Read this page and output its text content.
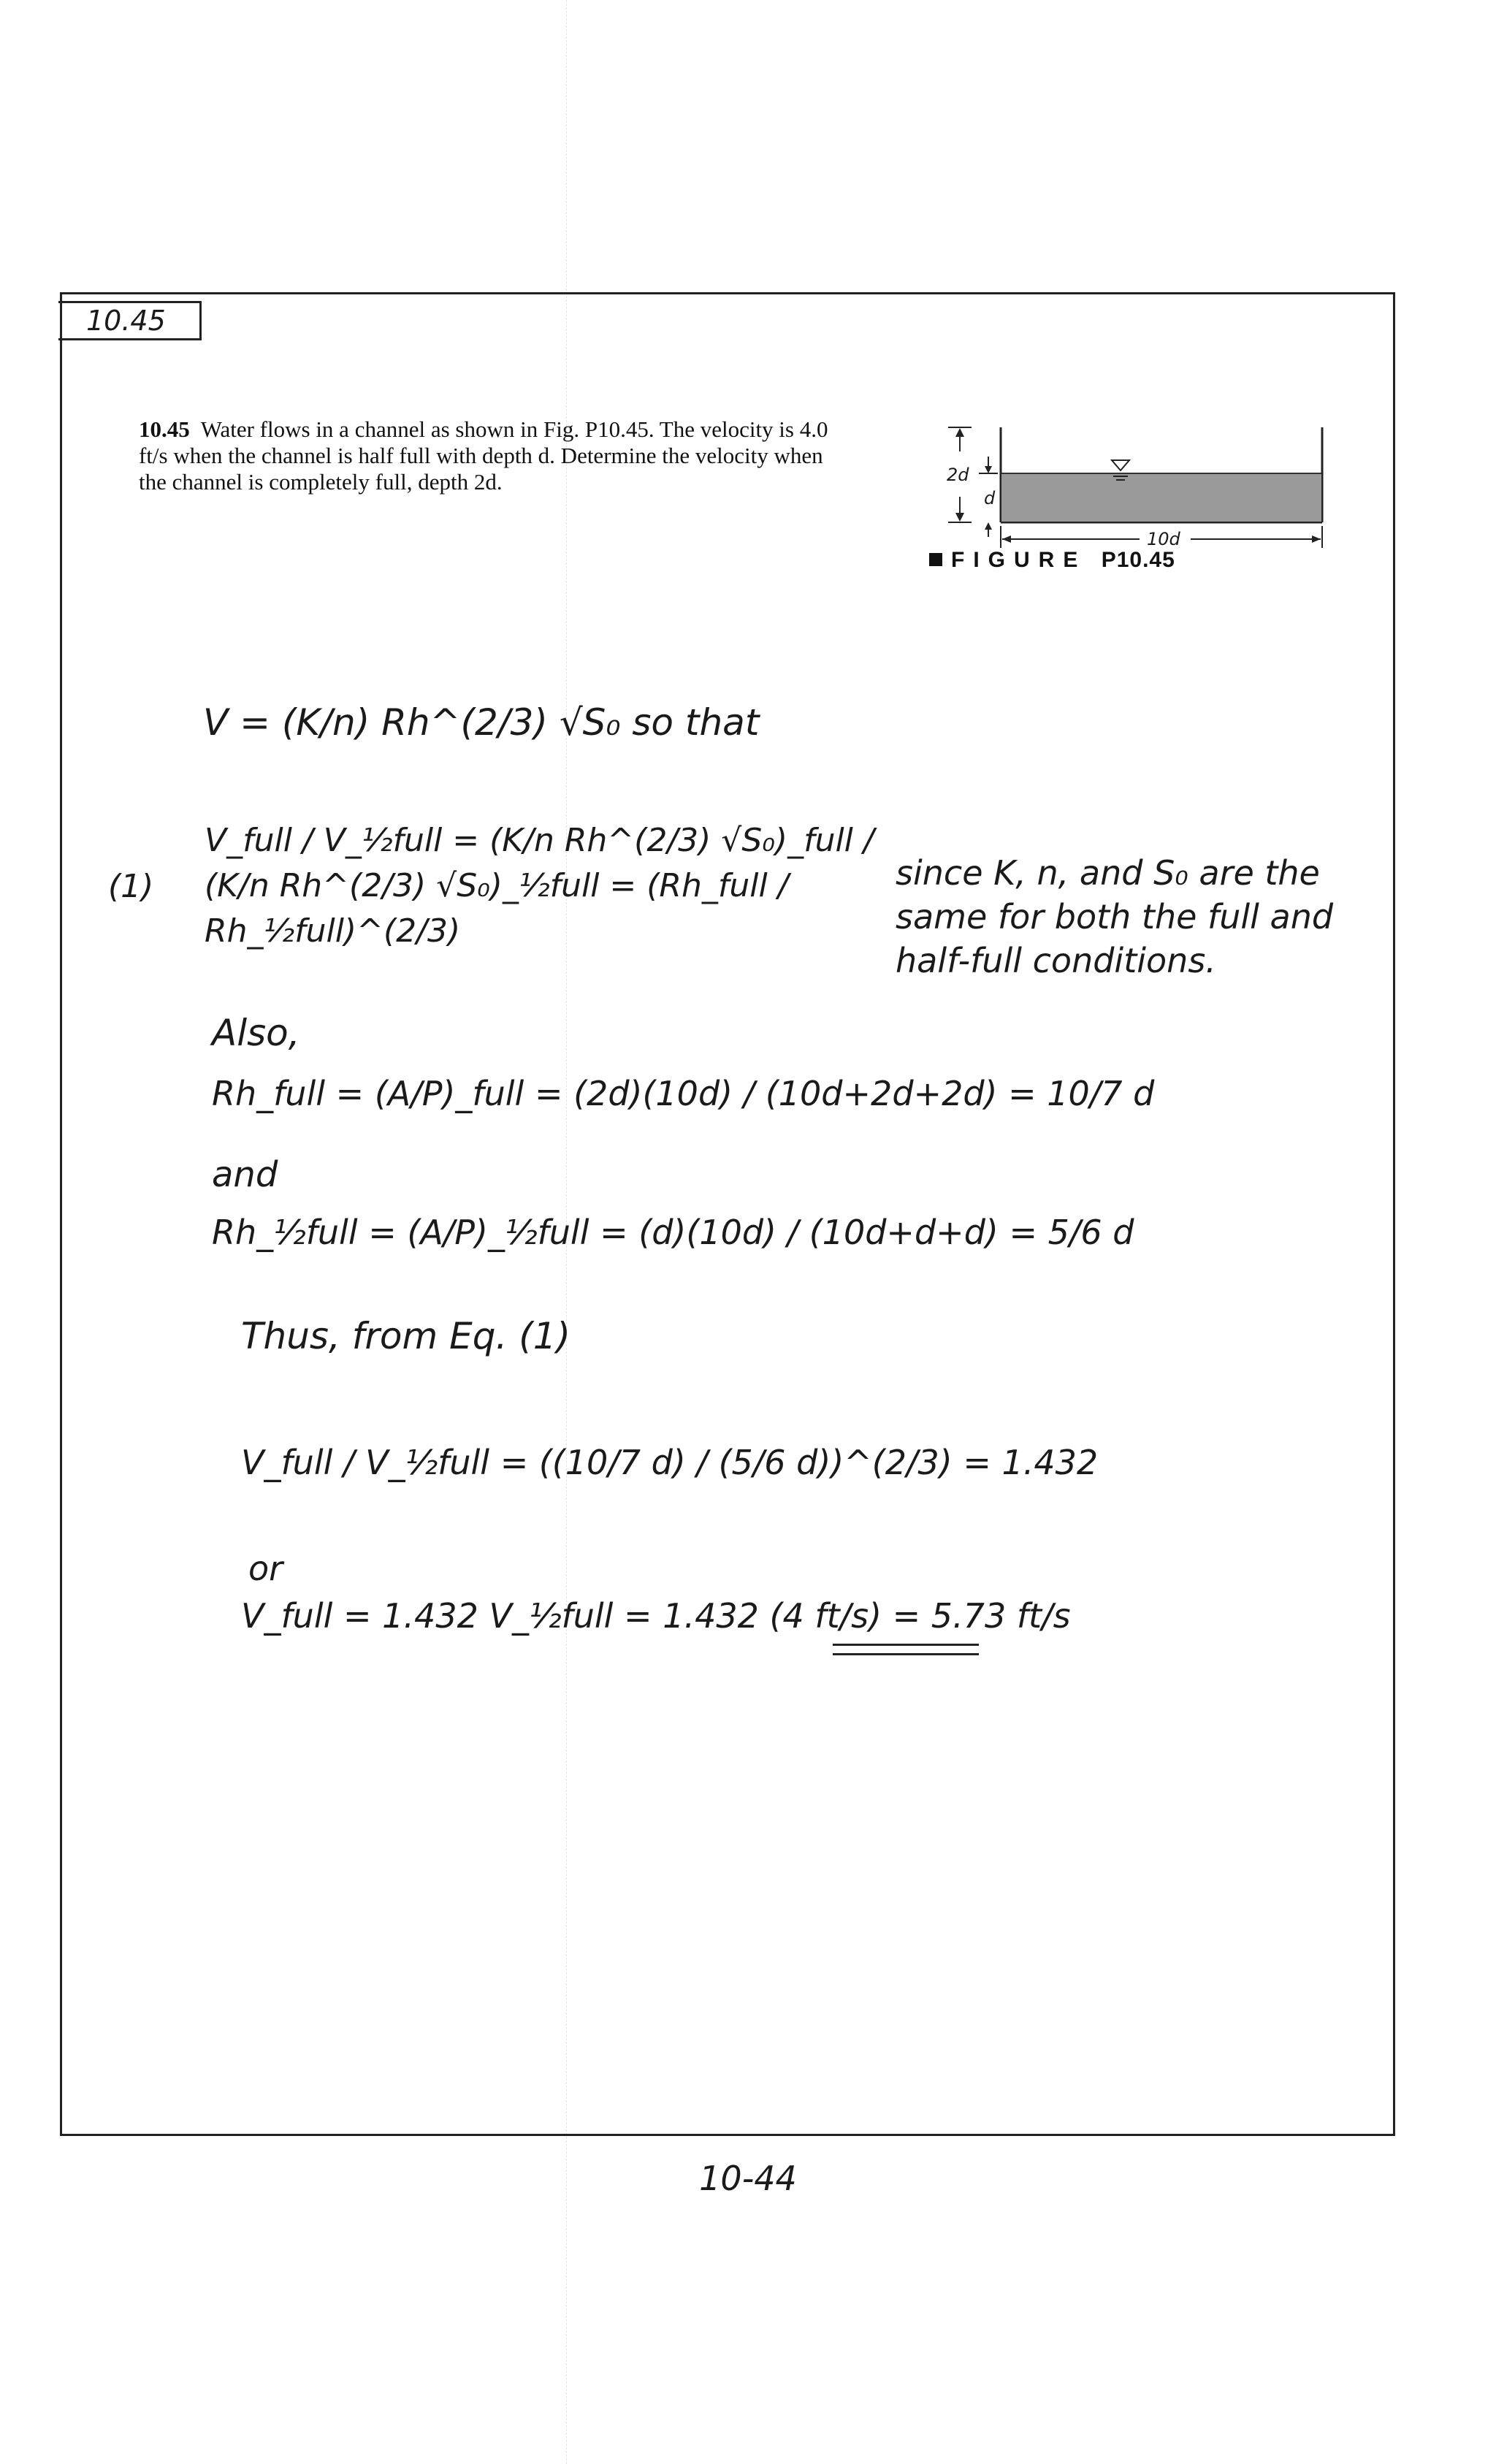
10.45
10.45 Water flows in a channel as shown in Fig. P10.45. The velocity is 4.0 ft/s when the channel is half full with depth d. Determine the velocity when the channel is completely full, depth 2d.	2d
d
10d
FIGURE P10.45
V = (K/n) Rh^(2/3) √S₀ so that
(1)
V_full / V_½full = (K/n Rh^(2/3) √S₀)_full / (K/n Rh^(2/3) √S₀)_½full = (Rh_full / Rh_½full)^(2/3)
since K, n, and S₀ are the same for both the full and half-full conditions.
Also,
Rh_full = (A/P)_full = (2d)(10d) / (10d+2d+2d) = 10/7 d
and
Rh_½full = (A/P)_½full = (d)(10d) / (10d+d+d) = 5/6 d
Thus, from Eq. (1)
V_full / V_½full = ((10/7 d) / (5/6 d))^(2/3) = 1.432
or
V_full = 1.432 V_½full = 1.432 (4 ft/s) = 5.73 ft/s
10-44
